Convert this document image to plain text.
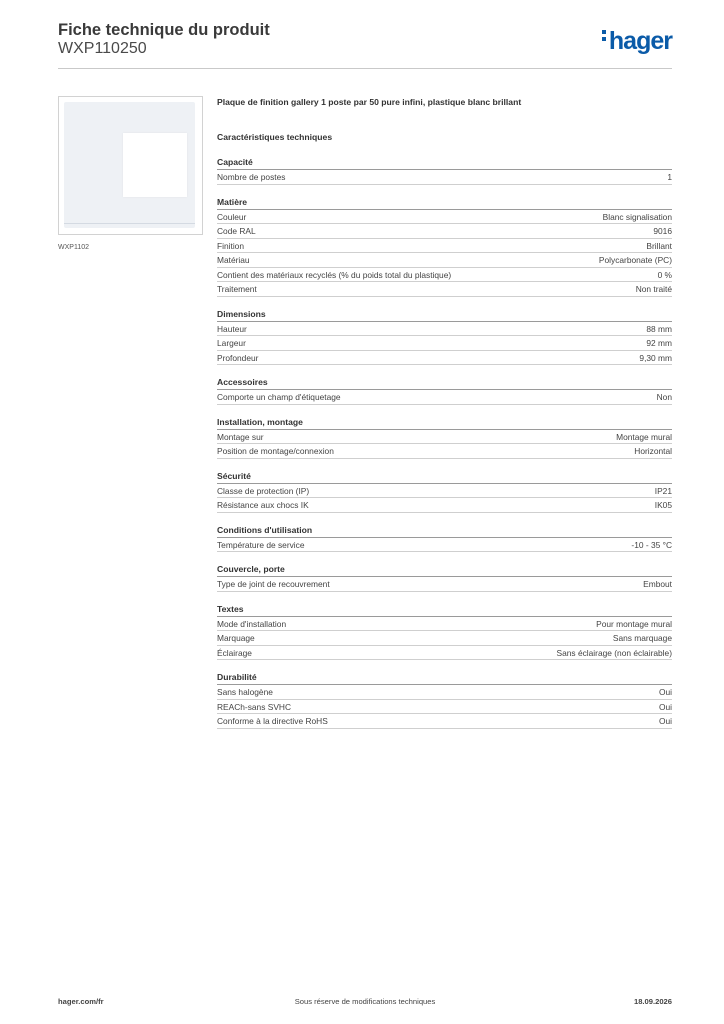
Fiche technique du produit
WXP110250	hager
WXP1102
Plaque de finition gallery 1 poste par 50 pure infini, plastique blanc brillant
Caractéristiques techniques
Capacité
Nombre de postes	1
Matière
Couleur	Blanc signalisation
Code RAL	9016
Finition	Brillant
Matériau	Polycarbonate (PC)
Contient des matériaux recyclés (% du poids total du plastique)	0 %
Traitement	Non traité
Dimensions
Hauteur	88 mm
Largeur	92 mm
Profondeur	9,30 mm
Accessoires
Comporte un champ d'étiquetage	Non
Installation, montage
Montage sur	Montage mural
Position de montage/connexion	Horizontal
Sécurité
Classe de protection (IP)	IP21
Résistance aux chocs IK	IK05
Conditions d'utilisation
Température de service	-10 - 35 °C
Couvercle, porte
Type de joint de recouvrement	Embout
Textes
Mode d'installation	Pour montage mural
Marquage	Sans marquage
Éclairage	Sans éclairage (non éclairable)
Durabilité
Sans halogène	Oui
REACh-sans SVHC	Oui
Conforme à la directive RoHS	Oui
hager.com/fr	Sous réserve de modifications techniques	18.09.2026
